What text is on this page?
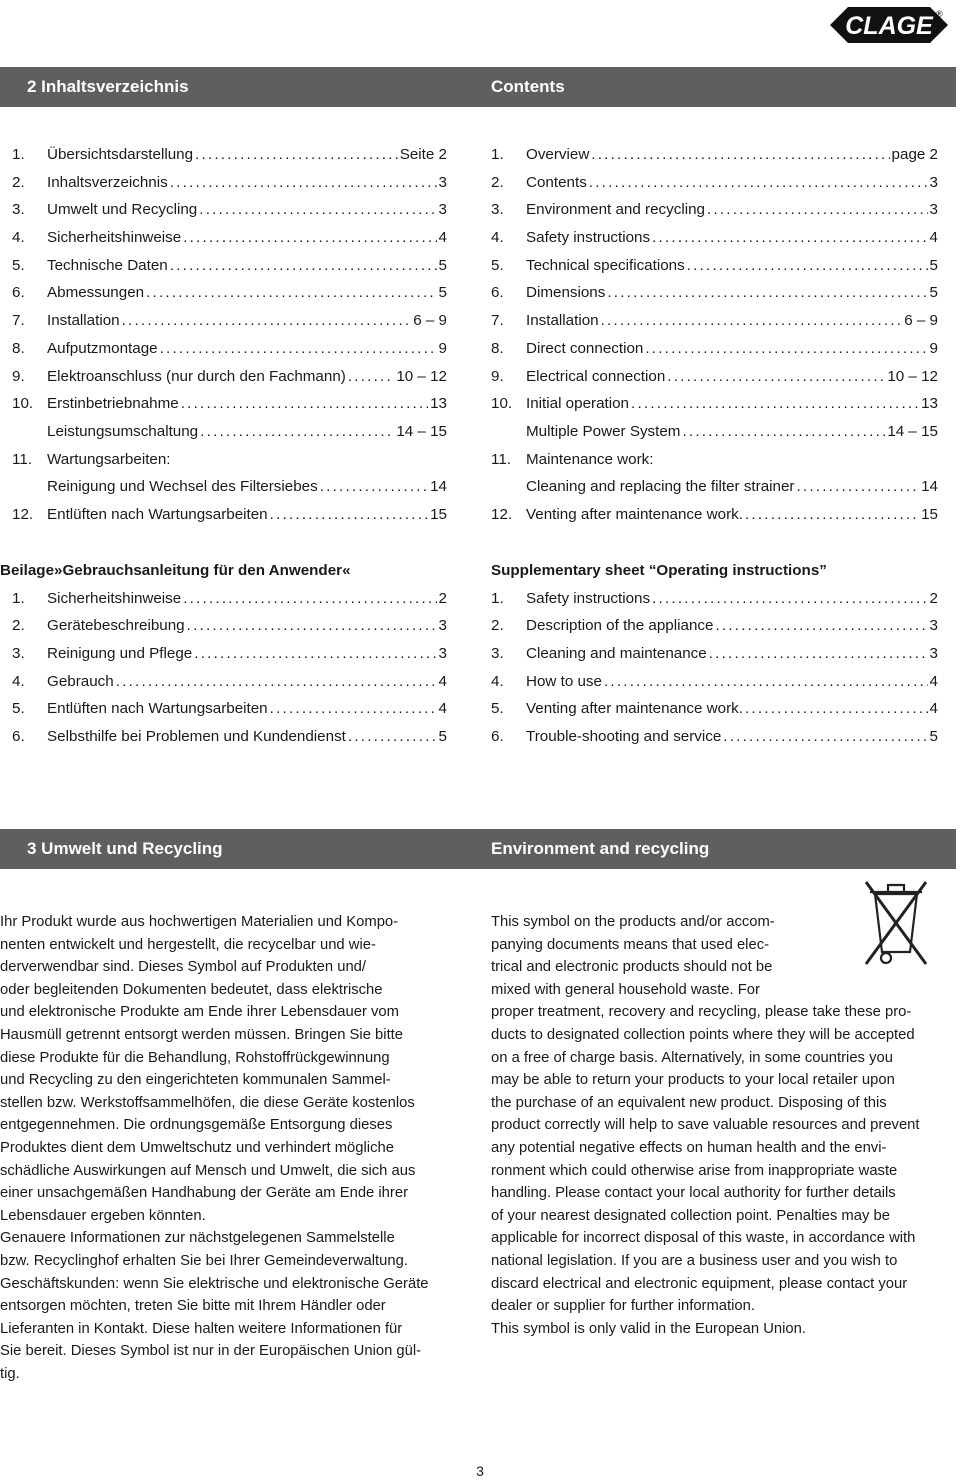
CLAGE ®
2 Inhaltsverzeichnis	Contents
1.	Übersichtsdarstellung . . .	Seite 2
2.	Inhaltsverzeichnis . . .	3
3.	Umwelt und Recycling . . .	3
4.	Sicherheitshinweise . . .	4
5.	Technische Daten . . .	5
6.	Abmessungen . . .	5
7.	Installation . . .	6 – 9
8.	Aufputzmontage . . .	9
9.	Elektroanschluss (nur durch den Fachmann) . . .	10 – 12
10. Erstinbetriebnahme . . .	13
Leistungsumschaltung . . .	14 – 15
11. Wartungsarbeiten:
Reinigung und Wechsel des Filtersiebes . . .	14
12. Entlüften nach Wartungsarbeiten . . .	15
1.	Overview . . .	page 2
2.	Contents . . .	3
3.	Environment and recycling . . .	3
4.	Safety instructions . . .	4
5.	Technical specifications . . .	5
6.	Dimensions . . .	5
7.	Installation . . .	6 – 9
8.	Direct connection . . .	9
9.	Electrical connection . . .	10 – 12
10. Initial operation . . .	13
Multiple Power System . . .	14 – 15
11. Maintenance work:
Cleaning and replacing the filter strainer . . .	14
12. Venting after maintenance work. . . .	15
Beilage»Gebrauchsanleitung für den Anwender«
1.	Sicherheitshinweise . . .	2
2.	Gerätebeschreibung . . .	3
3.	Reinigung und Pflege . . .	3
4.	Gebrauch . . .	4
5.	Entlüften nach Wartungsarbeiten . . .	4
6.	Selbsthilfe bei Problemen und Kundendienst . . .	5
Supplementary sheet “Operating instructions”
1.	Safety instructions . . .	2
2.	Description of the appliance . . .	3
3.	Cleaning and maintenance . . .	3
4.	How to use . . .	4
5.	Venting after maintenance work. . . .	4
6.	Trouble-shooting and service . . .	5
3 Umwelt und Recycling	Environment and recycling

Ihr Produkt wurde aus hochwertigen Materialien und Kompo-

nenten entwickelt und hergestellt, die recycelbar und wie-

derverwendbar sind. Dieses Symbol auf Produkten und/

oder begleitenden Dokumenten bedeutet, dass elektrische

und elektronische Produkte am Ende ihrer Lebensdauer vom

Hausmüll getrennt entsorgt werden müssen. Bringen Sie bitte

diese Produkte für die Behandlung, Rohstoffrückgewinnung

und Recycling zu den eingerichteten kommunalen Sammel-

stellen bzw. Werkstoffsammelhöfen, die diese Geräte kostenlos

entgegennehmen. Die ordnungsgemäße Entsorgung dieses

Produktes dient dem Umweltschutz und verhindert mögliche

schädliche Auswirkungen auf Mensch und Umwelt, die sich aus

einer unsachgemäßen Handhabung der Geräte am Ende ihrer

Lebensdauer ergeben könnten.

Genauere Informationen zur nächstgelegenen Sammelstelle

bzw. Recyclinghof erhalten Sie bei Ihrer Gemeindeverwaltung.

Geschäftskunden: wenn Sie elektrische und elektronische Geräte

entsorgen möchten, treten Sie bitte mit Ihrem Händler oder

Lieferanten in Kontakt. Diese halten weitere Informationen für

Sie bereit. Dieses Symbol ist nur in der Europäischen Union gül-

tig.

This symbol on the products and/or accom-

panying documents means that used elec-

trical and electronic products should not be

mixed with general household waste. For

proper treatment, recovery and recycling, please take these pro-

ducts to designated collection points where they will be accepted

on a free of charge basis. Alternatively, in some countries you

may be able to return your products to your local retailer upon

the purchase of an equivalent new product. Disposing of this

product correctly will help to save valuable resources and prevent

any potential negative effects on human health and the envi-

ronment which could otherwise arise from inappropriate waste

handling. Please contact your local authority for further details

of your nearest designated collection point. Penalties may be

applicable for incorrect disposal of this waste, in accordance with

national legislation. If you are a business user and you wish to

discard electrical and electronic equipment, please contact your

dealer or supplier for further information.

This symbol is only valid in the European Union.

3
